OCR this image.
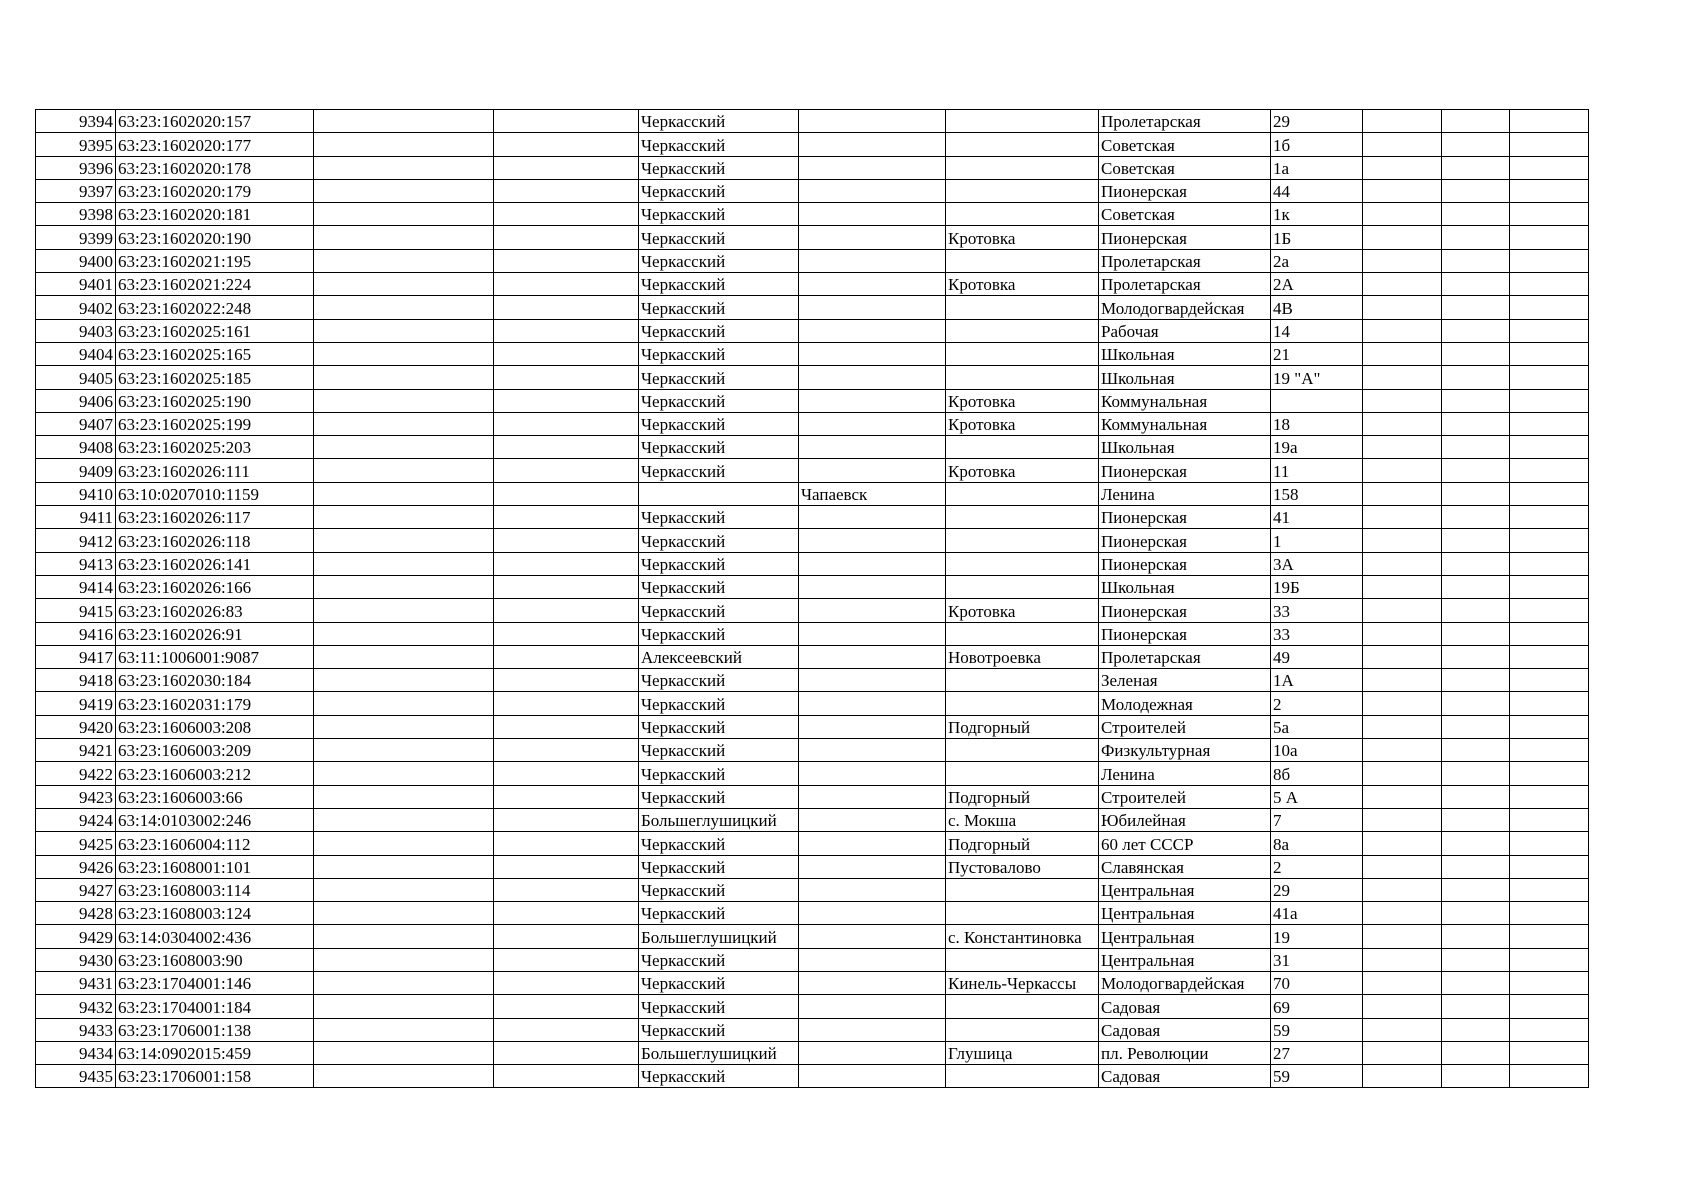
9394	63:23:1602020:157			Черкасский			Пролетарская	29			
9395	63:23:1602020:177			Черкасский			Советская	1б			
9396	63:23:1602020:178			Черкасский			Советская	1а			
9397	63:23:1602020:179			Черкасский			Пионерская	44			
9398	63:23:1602020:181			Черкасский			Советская	1к			
9399	63:23:1602020:190			Черкасский		Кротовка	Пионерская	1Б			
9400	63:23:1602021:195			Черкасский			Пролетарская	2а			
9401	63:23:1602021:224			Черкасский		Кротовка	Пролетарская	2А			
9402	63:23:1602022:248			Черкасский			Молодогвардейская	4В			
9403	63:23:1602025:161			Черкасский			Рабочая	14			
9404	63:23:1602025:165			Черкасский			Школьная	21			
9405	63:23:1602025:185			Черкасский			Школьная	19 "А"			
9406	63:23:1602025:190			Черкасский		Кротовка	Коммунальная				
9407	63:23:1602025:199			Черкасский		Кротовка	Коммунальная	18			
9408	63:23:1602025:203			Черкасский			Школьная	19а			
9409	63:23:1602026:111			Черкасский		Кротовка	Пионерская	11			
9410	63:10:0207010:1159				Чапаевск		Ленина	158			
9411	63:23:1602026:117			Черкасский			Пионерская	41			
9412	63:23:1602026:118			Черкасский			Пионерская	1			
9413	63:23:1602026:141			Черкасский			Пионерская	3А			
9414	63:23:1602026:166			Черкасский			Школьная	19Б			
9415	63:23:1602026:83			Черкасский		Кротовка	Пионерская	33			
9416	63:23:1602026:91			Черкасский			Пионерская	33			
9417	63:11:1006001:9087			Алексеевский		Новотроевка	Пролетарская	49			
9418	63:23:1602030:184			Черкасский			Зеленая	1А			
9419	63:23:1602031:179			Черкасский			Молодежная	2			
9420	63:23:1606003:208			Черкасский		Подгорный	Строителей	5а			
9421	63:23:1606003:209			Черкасский			Физкультурная	10а			
9422	63:23:1606003:212			Черкасский			Ленина	8б			
9423	63:23:1606003:66			Черкасский		Подгорный	Строителей	5 А			
9424	63:14:0103002:246			Большеглушицкий		с. Мокша	Юбилейная	7			
9425	63:23:1606004:112			Черкасский		Подгорный	60 лет СССР	8а			
9426	63:23:1608001:101			Черкасский		Пустовалово	Славянская	2			
9427	63:23:1608003:114			Черкасский			Центральная	29			
9428	63:23:1608003:124			Черкасский			Центральная	41а			
9429	63:14:0304002:436			Большеглушицкий		с. Константиновка	Центральная	19			
9430	63:23:1608003:90			Черкасский			Центральная	31			
9431	63:23:1704001:146			Черкасский		Кинель-Черкассы	Молодогвардейская	70			
9432	63:23:1704001:184			Черкасский			Садовая	69			
9433	63:23:1706001:138			Черкасский			Садовая	59			
9434	63:14:0902015:459			Большеглушицкий		Глушица	пл. Революции	27			
9435	63:23:1706001:158			Черкасский			Садовая	59			
